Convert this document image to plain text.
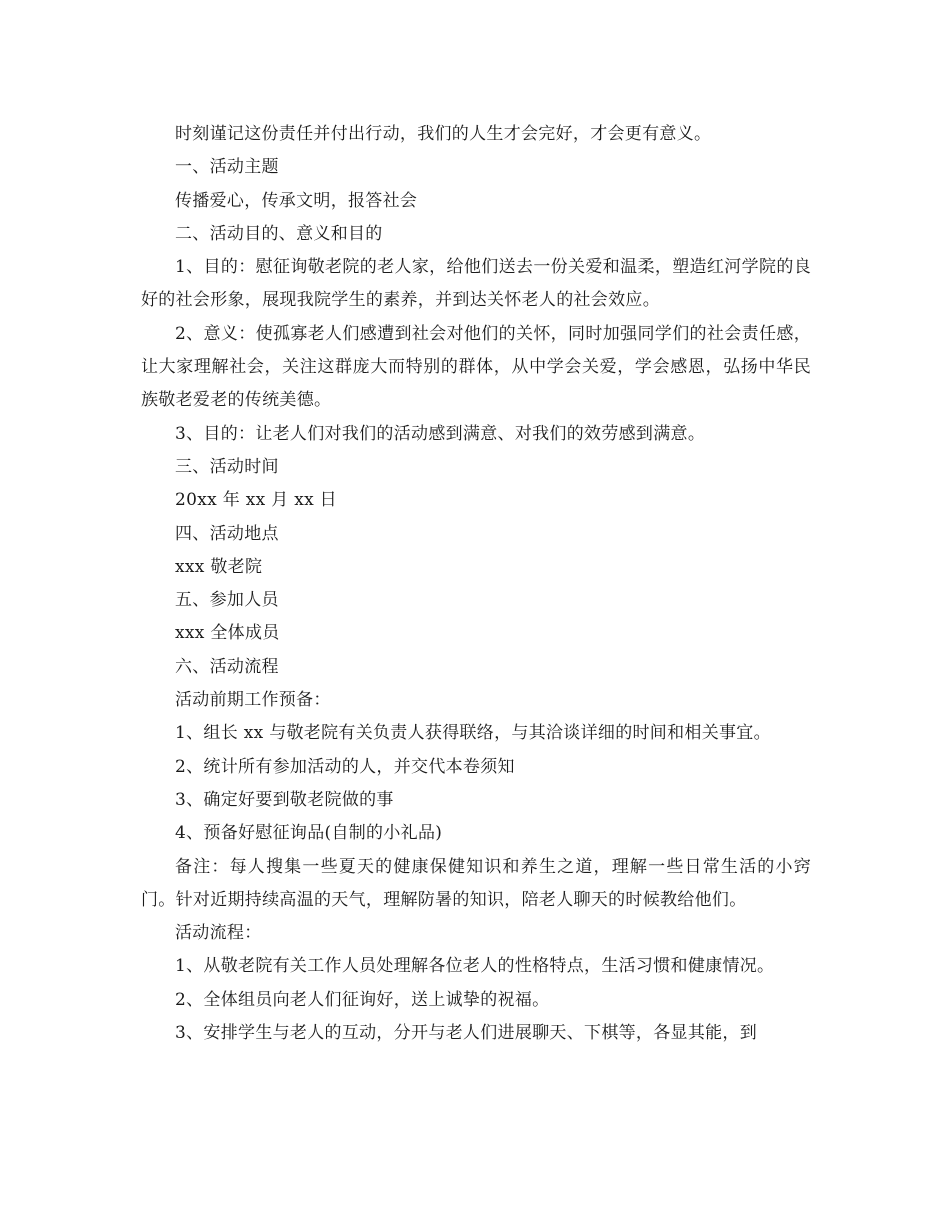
时刻谨记这份责任并付出行动，我们的人生才会完好，才会更有意义。

一、活动主题

传播爱心，传承文明，报答社会

二、活动目的、意义和目的

1、目的：慰征询敬老院的老人家，给他们送去一份关爱和温柔，塑造红河学院的良好的社会形象，展现我院学生的素养，并到达关怀老人的社会效应。

2、意义：使孤寡老人们感遭到社会对他们的关怀，同时加强同学们的社会责任感，让大家理解社会，关注这群庞大而特别的群体，从中学会关爱，学会感恩，弘扬中华民族敬老爱老的传统美德。

3、目的：让老人们对我们的活动感到满意、对我们的效劳感到满意。

三、活动时间

20xx 年 xx 月 xx 日

四、活动地点

xxx 敬老院

五、参加人员

xxx 全体成员

六、活动流程

活动前期工作预备：

1、组长 xx 与敬老院有关负责人获得联络，与其洽谈详细的时间和相关事宜。

2、统计所有参加活动的人，并交代本卷须知

3、确定好要到敬老院做的事

4、预备好慰征询品(自制的小礼品)

备注：每人搜集一些夏天的健康保健知识和养生之道，理解一些日常生活的小窍门。针对近期持续高温的天气，理解防暑的知识，陪老人聊天的时候教给他们。

活动流程：

1、从敬老院有关工作人员处理解各位老人的性格特点，生活习惯和健康情况。

2、全体组员向老人们征询好，送上诚挚的祝福。

3、安排学生与老人的互动，分开与老人们进展聊天、下棋等，各显其能，到
